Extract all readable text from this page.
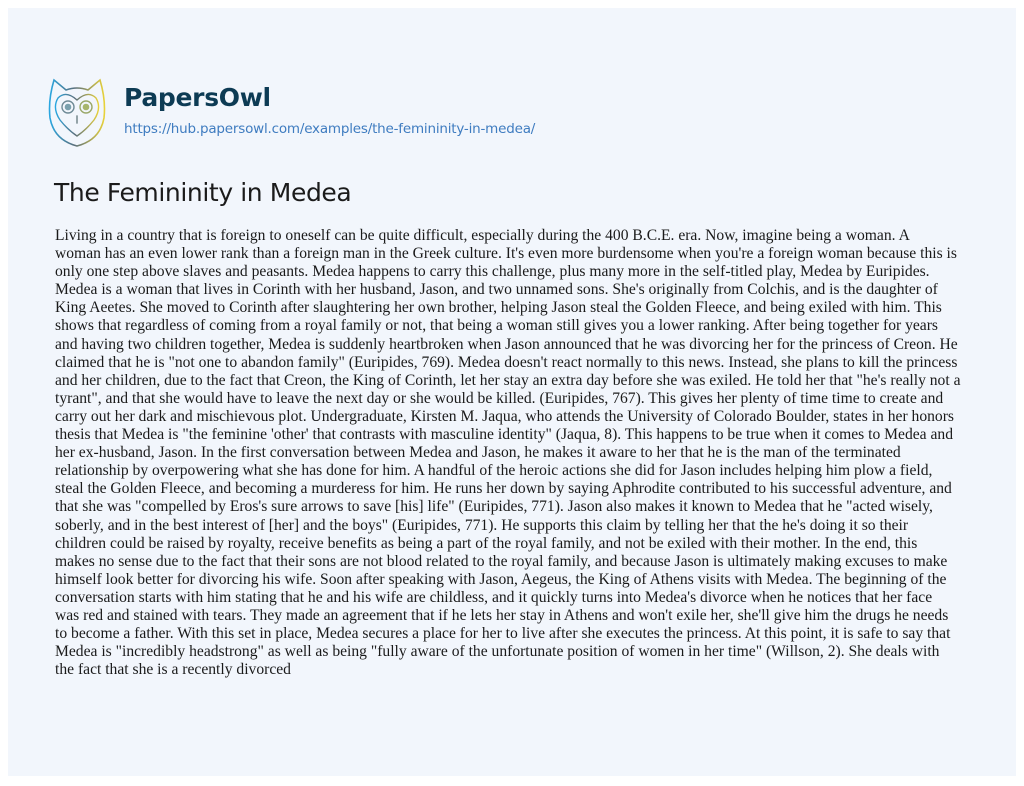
PapersOwl
https://hub.papersowl.com/examples/the-femininity-in-medea/
The Femininity in Medea
Living in a country that is foreign to oneself can be quite difficult, especially during the 400 B.C.E. era. Now, imagine being a woman. A
woman has an even lower rank than a foreign man in the Greek culture. It's even more burdensome when you're a foreign woman because this is
only one step above slaves and peasants. Medea happens to carry this challenge, plus many more in the self-titled play, Medea by Euripides.
Medea is a woman that lives in Corinth with her husband, Jason, and two unnamed sons. She's originally from Colchis, and is the daughter of
King Aeetes. She moved to Corinth after slaughtering her own brother, helping Jason steal the Golden Fleece, and being exiled with him. This
shows that regardless of coming from a royal family or not, that being a woman still gives you a lower ranking. After being together for years
and having two children together, Medea is suddenly heartbroken when Jason announced that he was divorcing her for the princess of Creon. He
claimed that he is "not one to abandon family" (Euripides, 769). Medea doesn't react normally to this news. Instead, she plans to kill the princess
and her children, due to the fact that Creon, the King of Corinth, let her stay an extra day before she was exiled. He told her that "he's really not a
tyrant", and that she would have to leave the next day or she would be killed. (Euripides, 767). This gives her plenty of time time to create and
carry out her dark and mischievous plot. Undergraduate, Kirsten M. Jaqua, who attends the University of Colorado Boulder, states in her honors
thesis that Medea is "the feminine 'other' that contrasts with masculine identity" (Jaqua, 8). This happens to be true when it comes to Medea and
her ex-husband, Jason. In the first conversation between Medea and Jason, he makes it aware to her that he is the man of the terminated
relationship by overpowering what she has done for him. A handful of the heroic actions she did for Jason includes helping him plow a field,
steal the Golden Fleece, and becoming a murderess for him. He runs her down by saying Aphrodite contributed to his successful adventure, and
that she was "compelled by Eros's sure arrows to save [his] life" (Euripides, 771). Jason also makes it known to Medea that he "acted wisely,
soberly, and in the best interest of [her] and the boys" (Euripides, 771). He supports this claim by telling her that the he's doing it so their
children could be raised by royalty, receive benefits as being a part of the royal family, and not be exiled with their mother. In the end, this
makes no sense due to the fact that their sons are not blood related to the royal family, and because Jason is ultimately making excuses to make
himself look better for divorcing his wife. Soon after speaking with Jason, Aegeus, the King of Athens visits with Medea. The beginning of the
conversation starts with him stating that he and his wife are childless, and it quickly turns into Medea's divorce when he notices that her face
was red and stained with tears. They made an agreement that if he lets her stay in Athens and won't exile her, she'll give him the drugs he needs
to become a father. With this set in place, Medea secures a place for her to live after she executes the princess. At this point, it is safe to say that
Medea is "incredibly headstrong" as well as being "fully aware of the unfortunate position of women in her time" (Willson, 2). She deals with
the fact that she is a recently divorced
